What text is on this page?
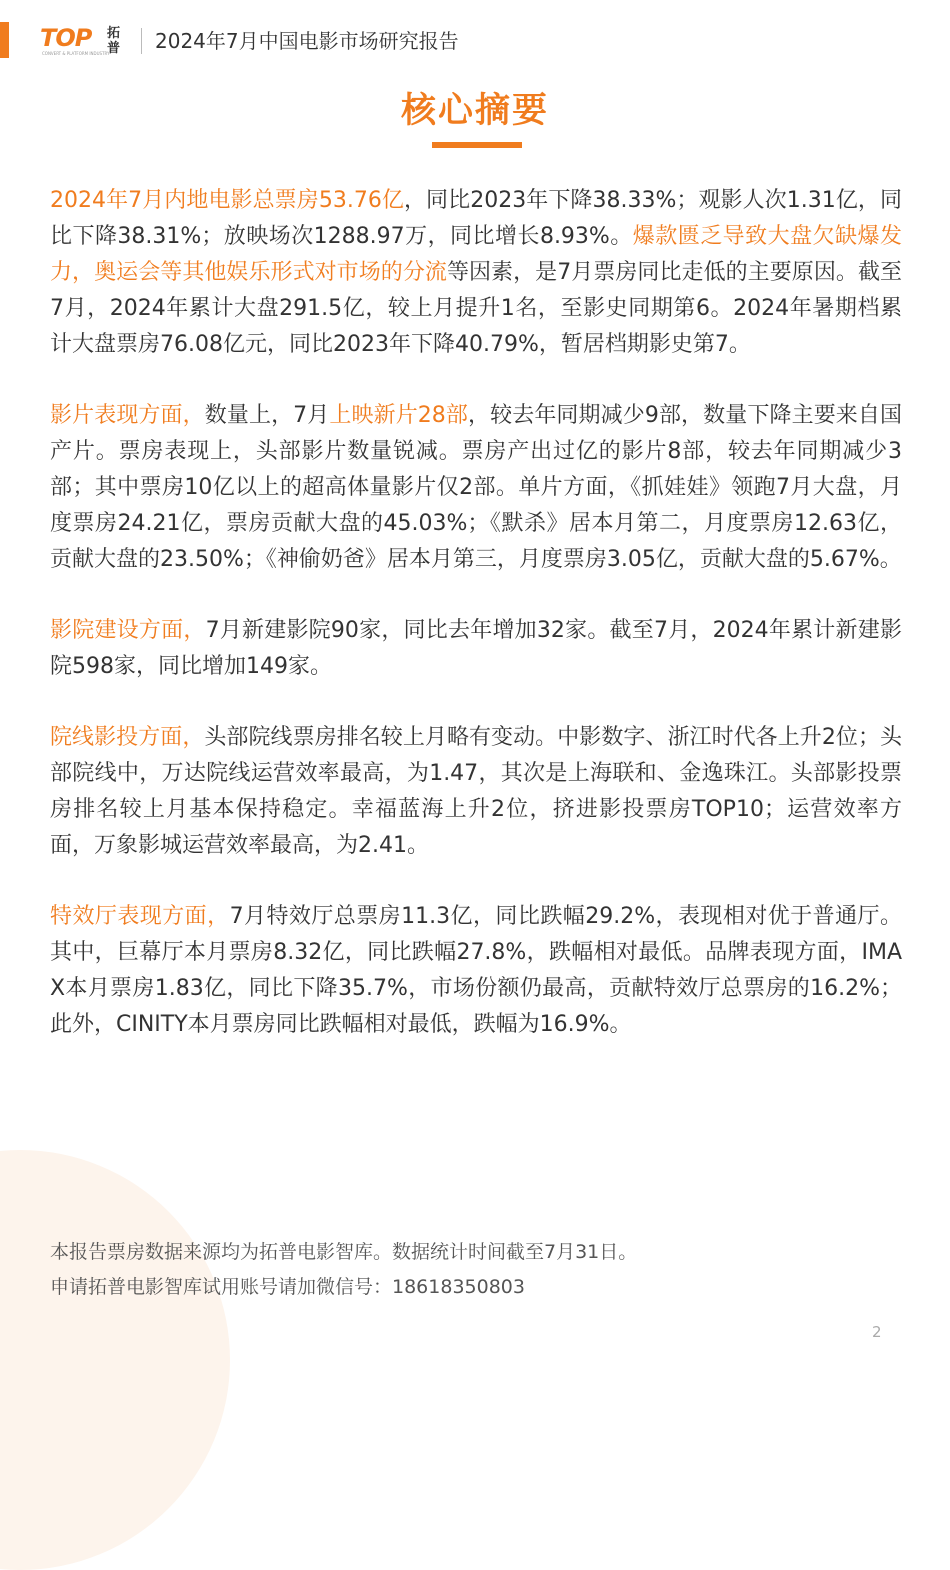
TOP
CONVERT & PLATFORM INDUSTRY
拓普 2024年7月中国电影市场研究报告
核心摘要

2024年7月内地电影总票房53.76亿，同比2023年下降38.33%；观影人次1.31亿，同比下降38.31%；放映场次1288.97万，同比增长8.93%。爆款匮乏导致大盘欠缺爆发力，奥运会等其他娱乐形式对市场的分流等因素，是7月票房同比走低的主要原因。截至7月，2024年累计大盘291.5亿，较上月提升1名，至影史同期第6。2024年暑期档累计大盘票房76.08亿元，同比2023年下降40.79%，暂居档期影史第7。

影片表现方面，数量上，7月上映新片28部，较去年同期减少9部，数量下降主要来自国产片。票房表现上，头部影片数量锐减。票房产出过亿的影片8部，较去年同期减少3部；其中票房10亿以上的超高体量影片仅2部。单片方面，《抓娃娃》领跑7月大盘，月度票房24.21亿，票房贡献大盘的45.03%；《默杀》居本月第二，月度票房12.63亿，贡献大盘的23.50%；《神偷奶爸》居本月第三，月度票房3.05亿，贡献大盘的5.67%。

影院建设方面，7月新建影院90家，同比去年增加32家。截至7月，2024年累计新建影院598家，同比增加149家。

院线影投方面，头部院线票房排名较上月略有变动。中影数字、浙江时代各上升2位；头部院线中，万达院线运营效率最高，为1.47，其次是上海联和、金逸珠江。头部影投票房排名较上月基本保持稳定。幸福蓝海上升2位，挤进影投票房TOP10；运营效率方面，万象影城运营效率最高，为2.41。

特效厅表现方面，7月特效厅总票房11.3亿，同比跌幅29.2%，表现相对优于普通厅。其中，巨幕厅本月票房8.32亿，同比跌幅27.8%，跌幅相对最低。品牌表现方面，IMAX本月票房1.83亿，同比下降35.7%，市场份额仍最高，贡献特效厅总票房的16.2%；此外，CINITY本月票房同比跌幅相对最低，跌幅为16.9%。

本报告票房数据来源均为拓普电影智库。数据统计时间截至7月31日。
申请拓普电影智库试用账号请加微信号：18618350803
2
